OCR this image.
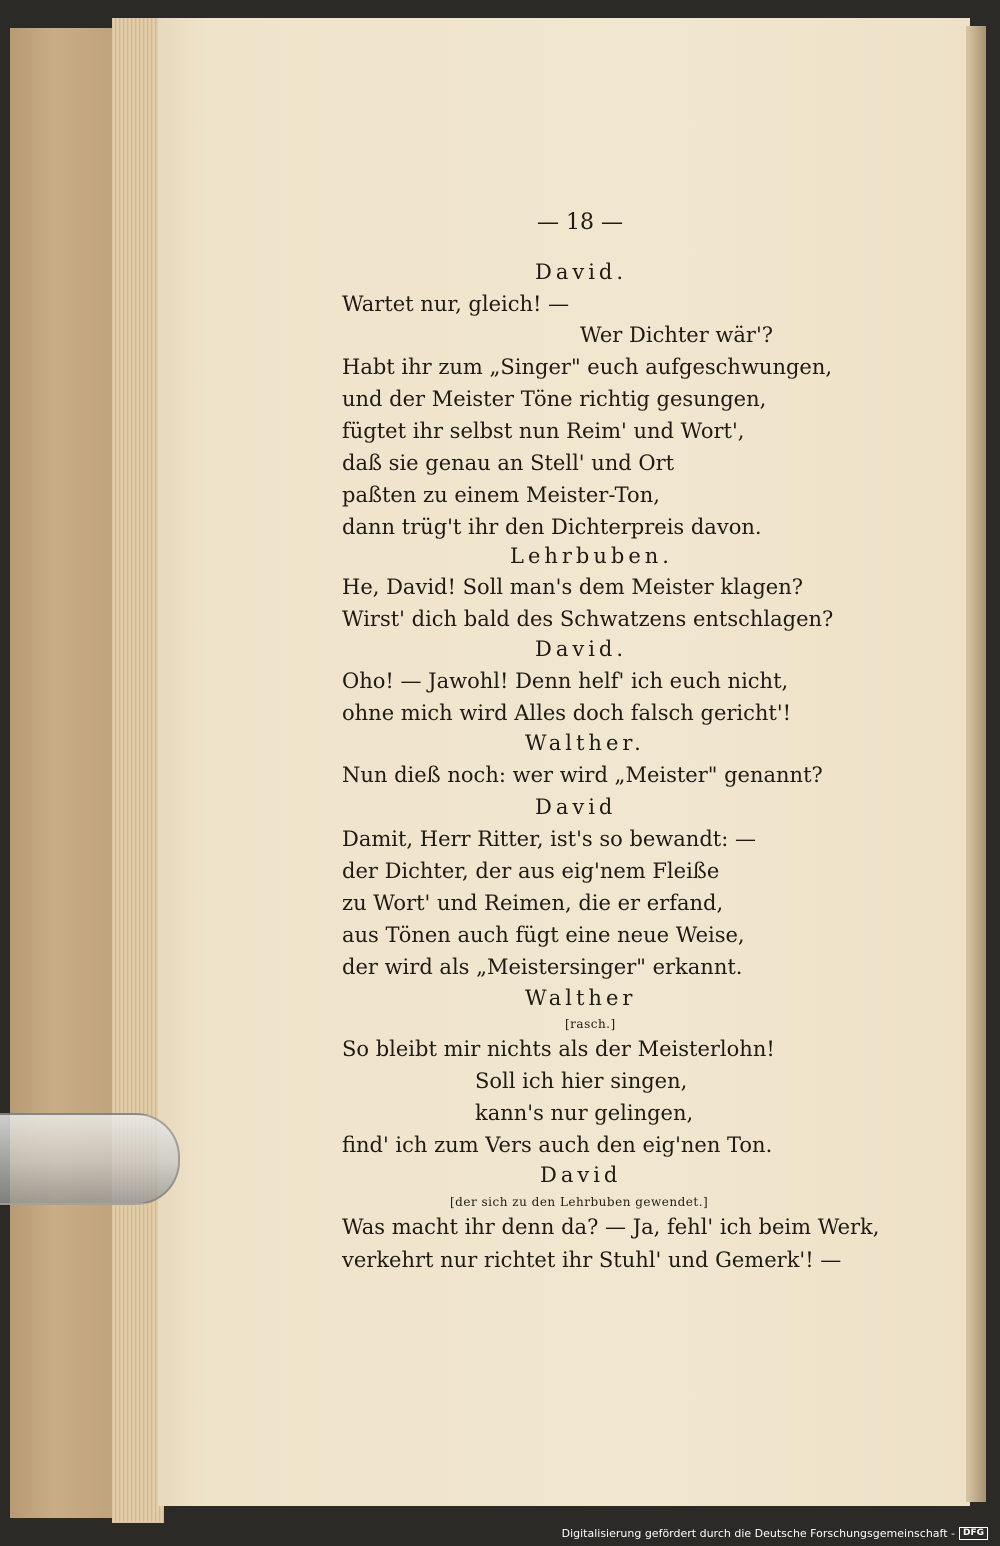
— 18 —
David.
Wartet nur, gleich! —
Wer Dichter wär'?
Habt ihr zum „Singer" euch aufgeschwungen,
und der Meister Töne richtig gesungen,
fügtet ihr selbst nun Reim' und Wort',
daß sie genau an Stell' und Ort
paßten zu einem Meister-Ton,
dann trüg't ihr den Dichterpreis davon.
Lehrbuben.
He, David! Soll man's dem Meister klagen?
Wirst' dich bald des Schwatzens entschlagen?
David.
Oho! — Jawohl! Denn helf' ich euch nicht,
ohne mich wird Alles doch falsch gericht'!
Walther.
Nun dieß noch: wer wird „Meister" genannt?
David
Damit, Herr Ritter, ist's so bewandt: —
der Dichter, der aus eig'nem Fleiße
zu Wort' und Reimen, die er erfand,
aus Tönen auch fügt eine neue Weise,
der wird als „Meistersinger" erkannt.
Walther
[rasch.]
So bleibt mir nichts als der Meisterlohn!
Soll ich hier singen,
kann's nur gelingen,
find' ich zum Vers auch den eig'nen Ton.
David
[der sich zu den Lehrbuben gewendet.]
Was macht ihr denn da? — Ja, fehl' ich beim Werk,
verkehrt nur richtet ihr Stuhl' und Gemerk'! —
Digitalisierung gefördert durch die Deutsche Forschungsgemeinschaft - DFG
